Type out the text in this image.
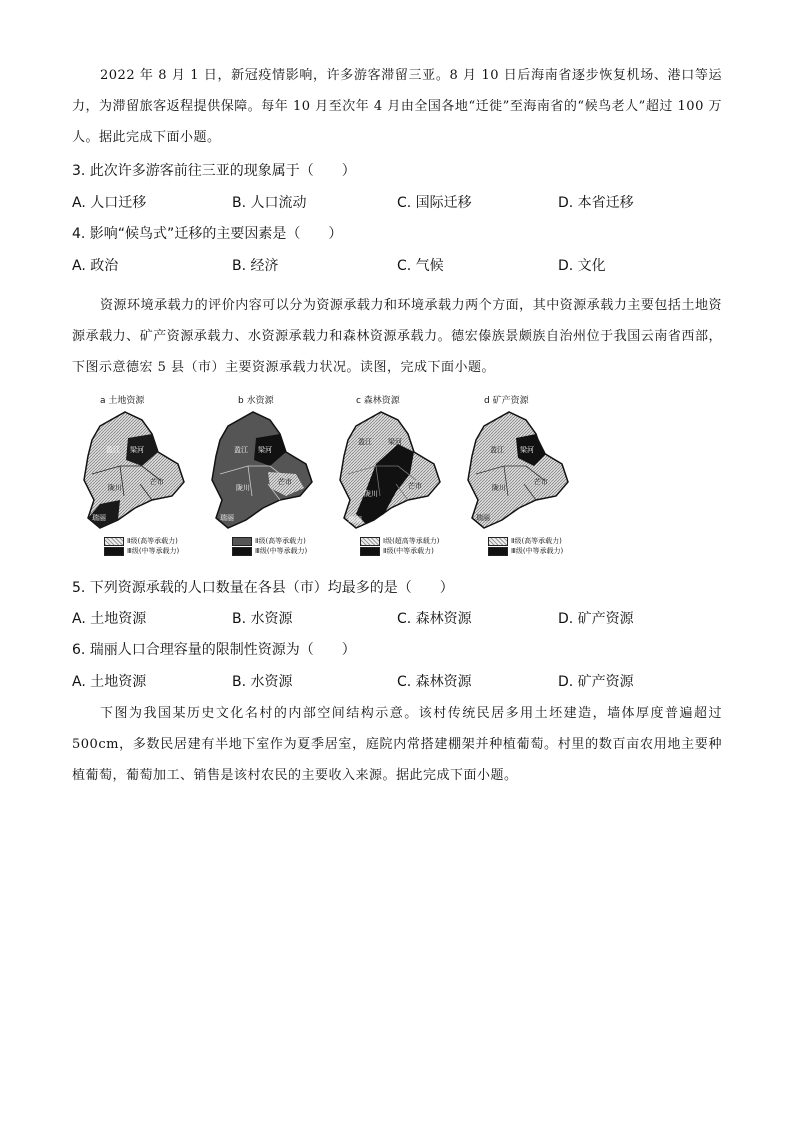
2022 年 8 月 1 日，新冠疫情影响，许多游客滞留三亚。8 月 10 日后海南省逐步恢复机场、港口等运力，为滞留旅客返程提供保障。每年 10 月至次年 4 月由全国各地“迁徙”至海南省的“候鸟老人”超过 100 万人。据此完成下面小题。
3. 此次许多游客前往三亚的现象属于（　　）
A. 人口迁移	B. 人口流动	C. 国际迁移	D. 本省迁移
4. 影响“候鸟式”迁移的主要因素是（　　）
A. 政治	B. 经济	C. 气候	D. 文化
资源环境承载力的评价内容可以分为资源承载力和环境承载力两个方面，其中资源承载力主要包括土地资源承载力、矿产资源承载力、水资源承载力和森林资源承载力。德宏傣族景颇族自治州位于我国云南省西部，下图示意德宏 5 县（市）主要资源承载力状况。读图，完成下面小题。
a 土地资源
盈江 梁河
芒市
陇川
瑞丽
Ⅱ级(高等承载力)
Ⅲ级(中等承载力)
b 水资源
盈江 梁河
芒市
陇川
瑞丽
Ⅱ级(高等承载力)
Ⅲ级(中等承载力)
c 森林资源
盈江 梁河
芒市
陇川
瑞丽
Ⅰ级(超高等承载力)
Ⅱ级(中等承载力)
d 矿产资源
盈江 梁河
芒市
陇川
瑞丽
Ⅱ级(高等承载力)
Ⅲ级(中等承载力)
5. 下列资源承载的人口数量在各县（市）均最多的是（　　）
A. 土地资源	B. 水资源	C. 森林资源	D. 矿产资源
6. 瑞丽人口合理容量的限制性资源为（　　）
A. 土地资源	B. 水资源	C. 森林资源	D. 矿产资源
下图为我国某历史文化名村的内部空间结构示意。该村传统民居多用土坯建造，墙体厚度普遍超过 500cm，多数民居建有半地下室作为夏季居室，庭院内常搭建棚架并种植葡萄。村里的数百亩农用地主要种植葡萄，葡萄加工、销售是该村农民的主要收入来源。据此完成下面小题。
